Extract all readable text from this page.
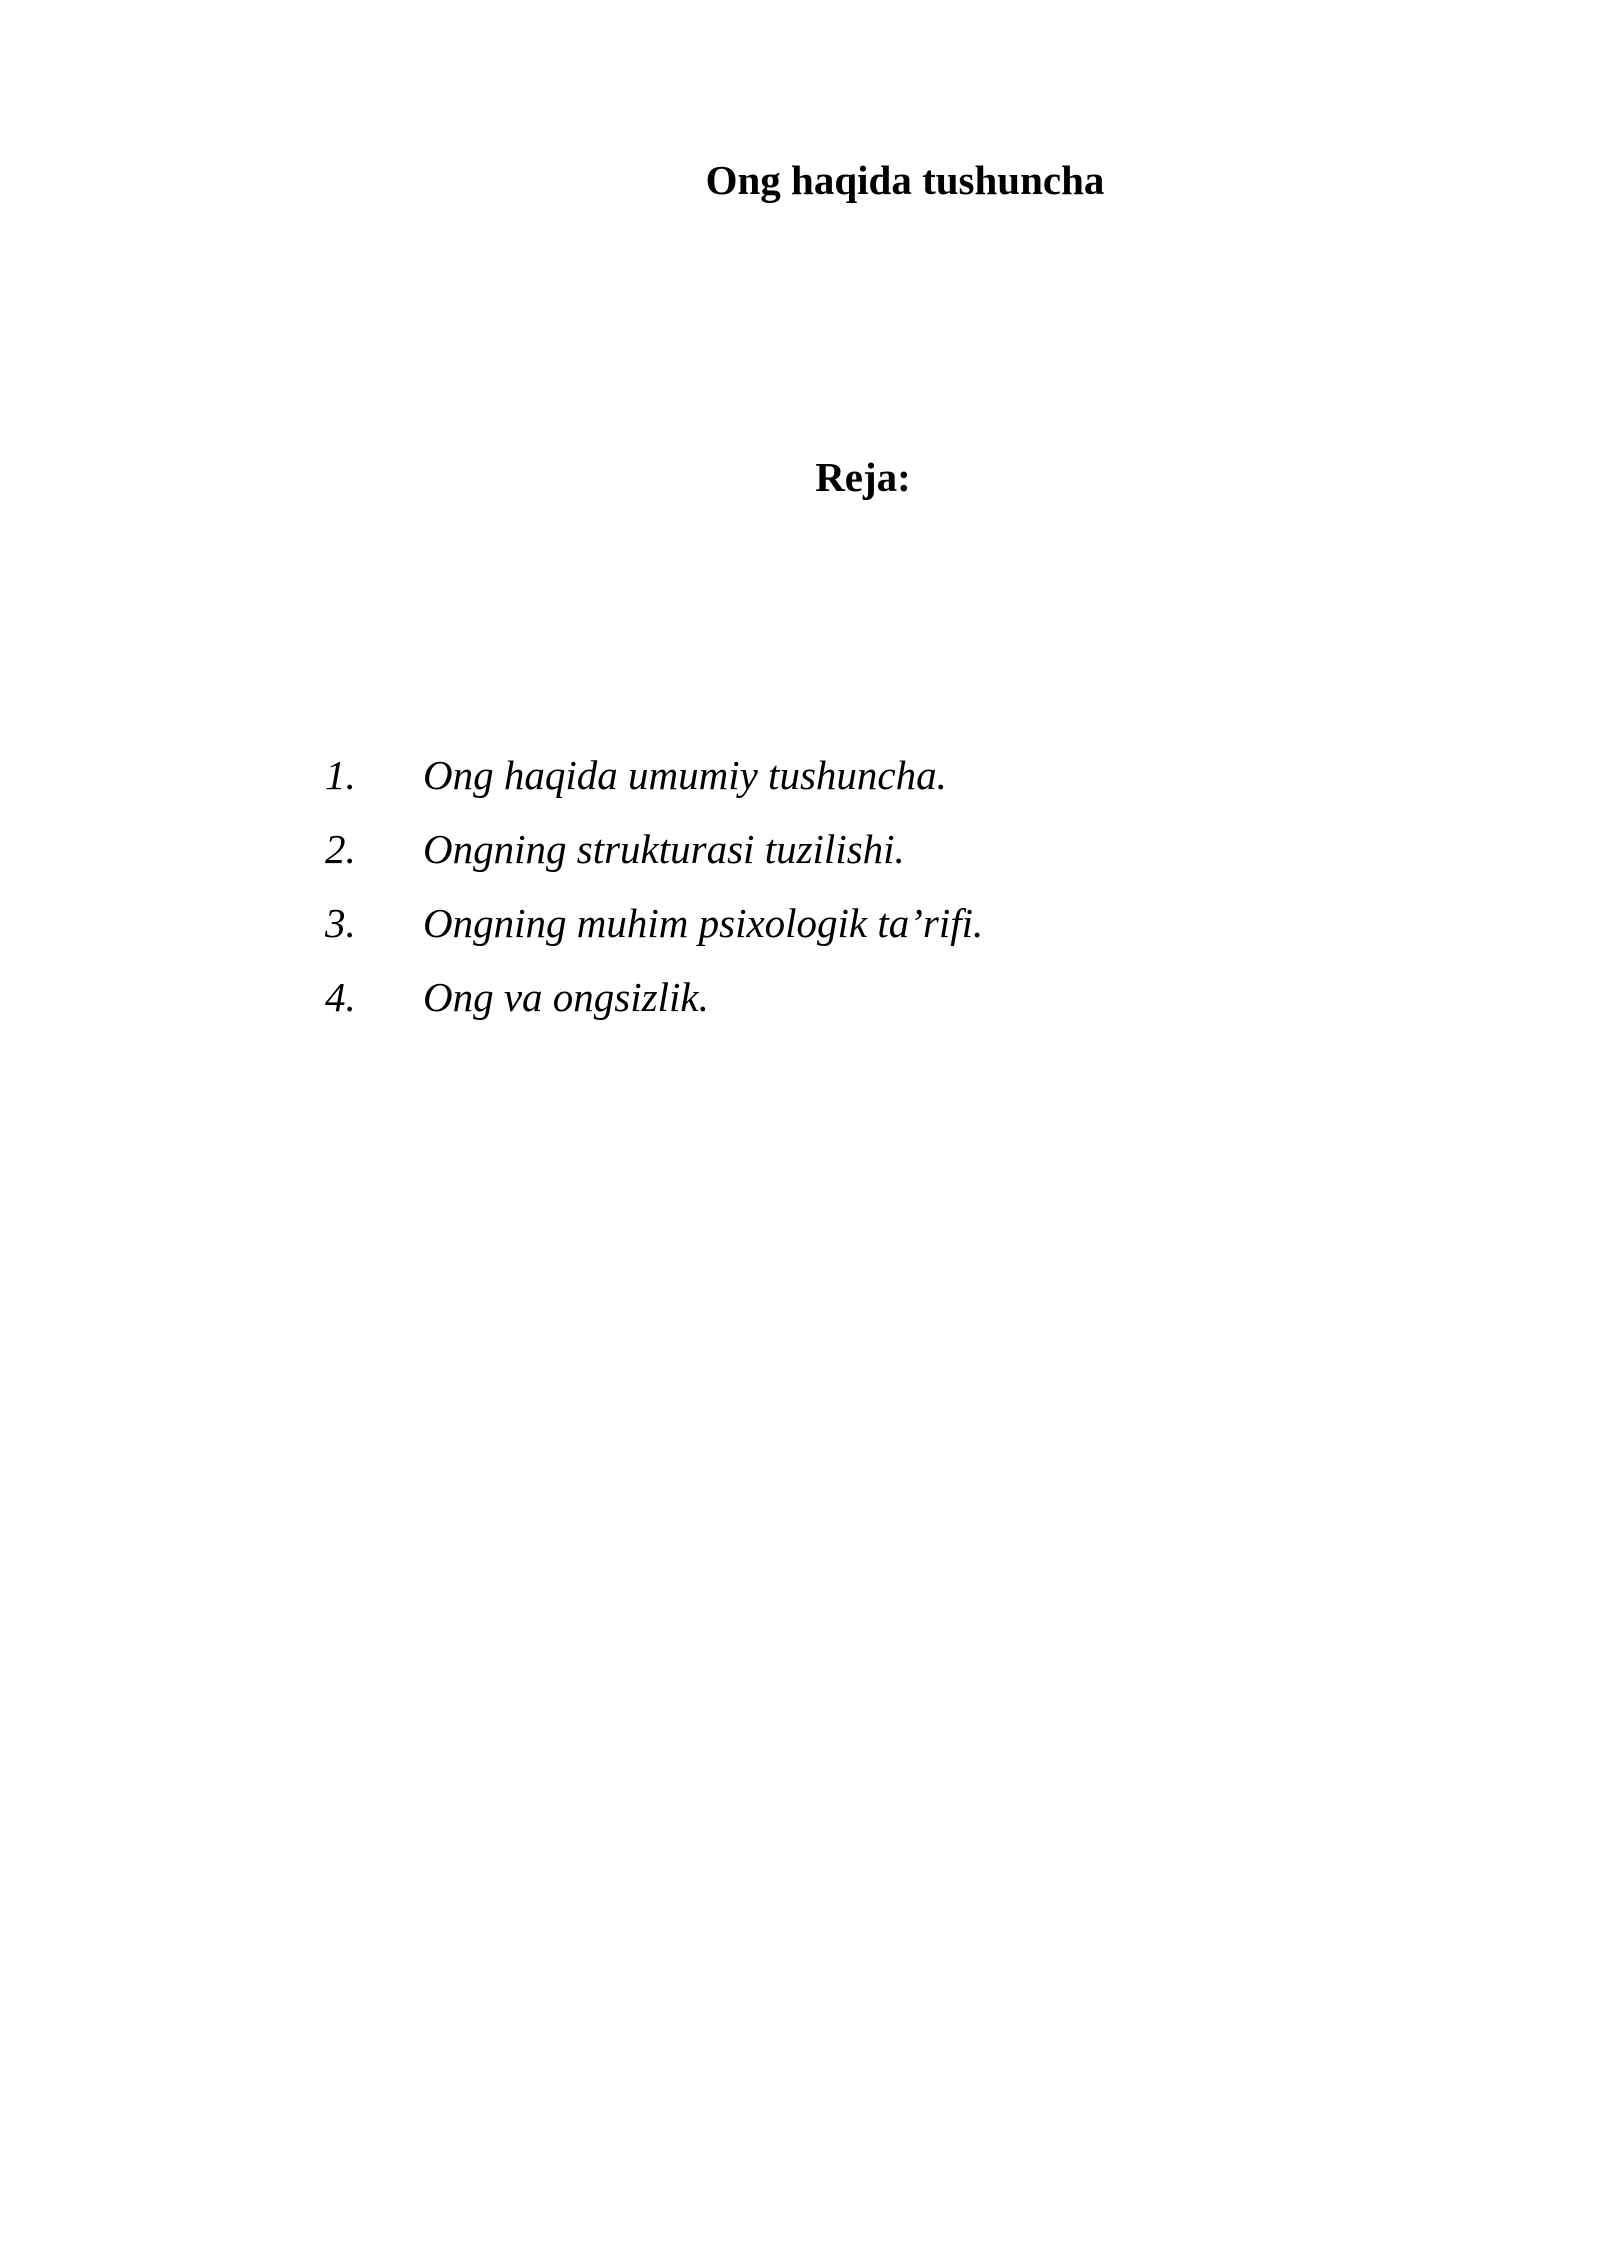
Ong haqida tushuncha
Reja:
1.	Ong haqida umumiy tushuncha.
2.	Ongning strukturasi tuzilishi.
3.	Ongning muhim psixologik ta’rifi.
4.	Ong va ongsizlik.
